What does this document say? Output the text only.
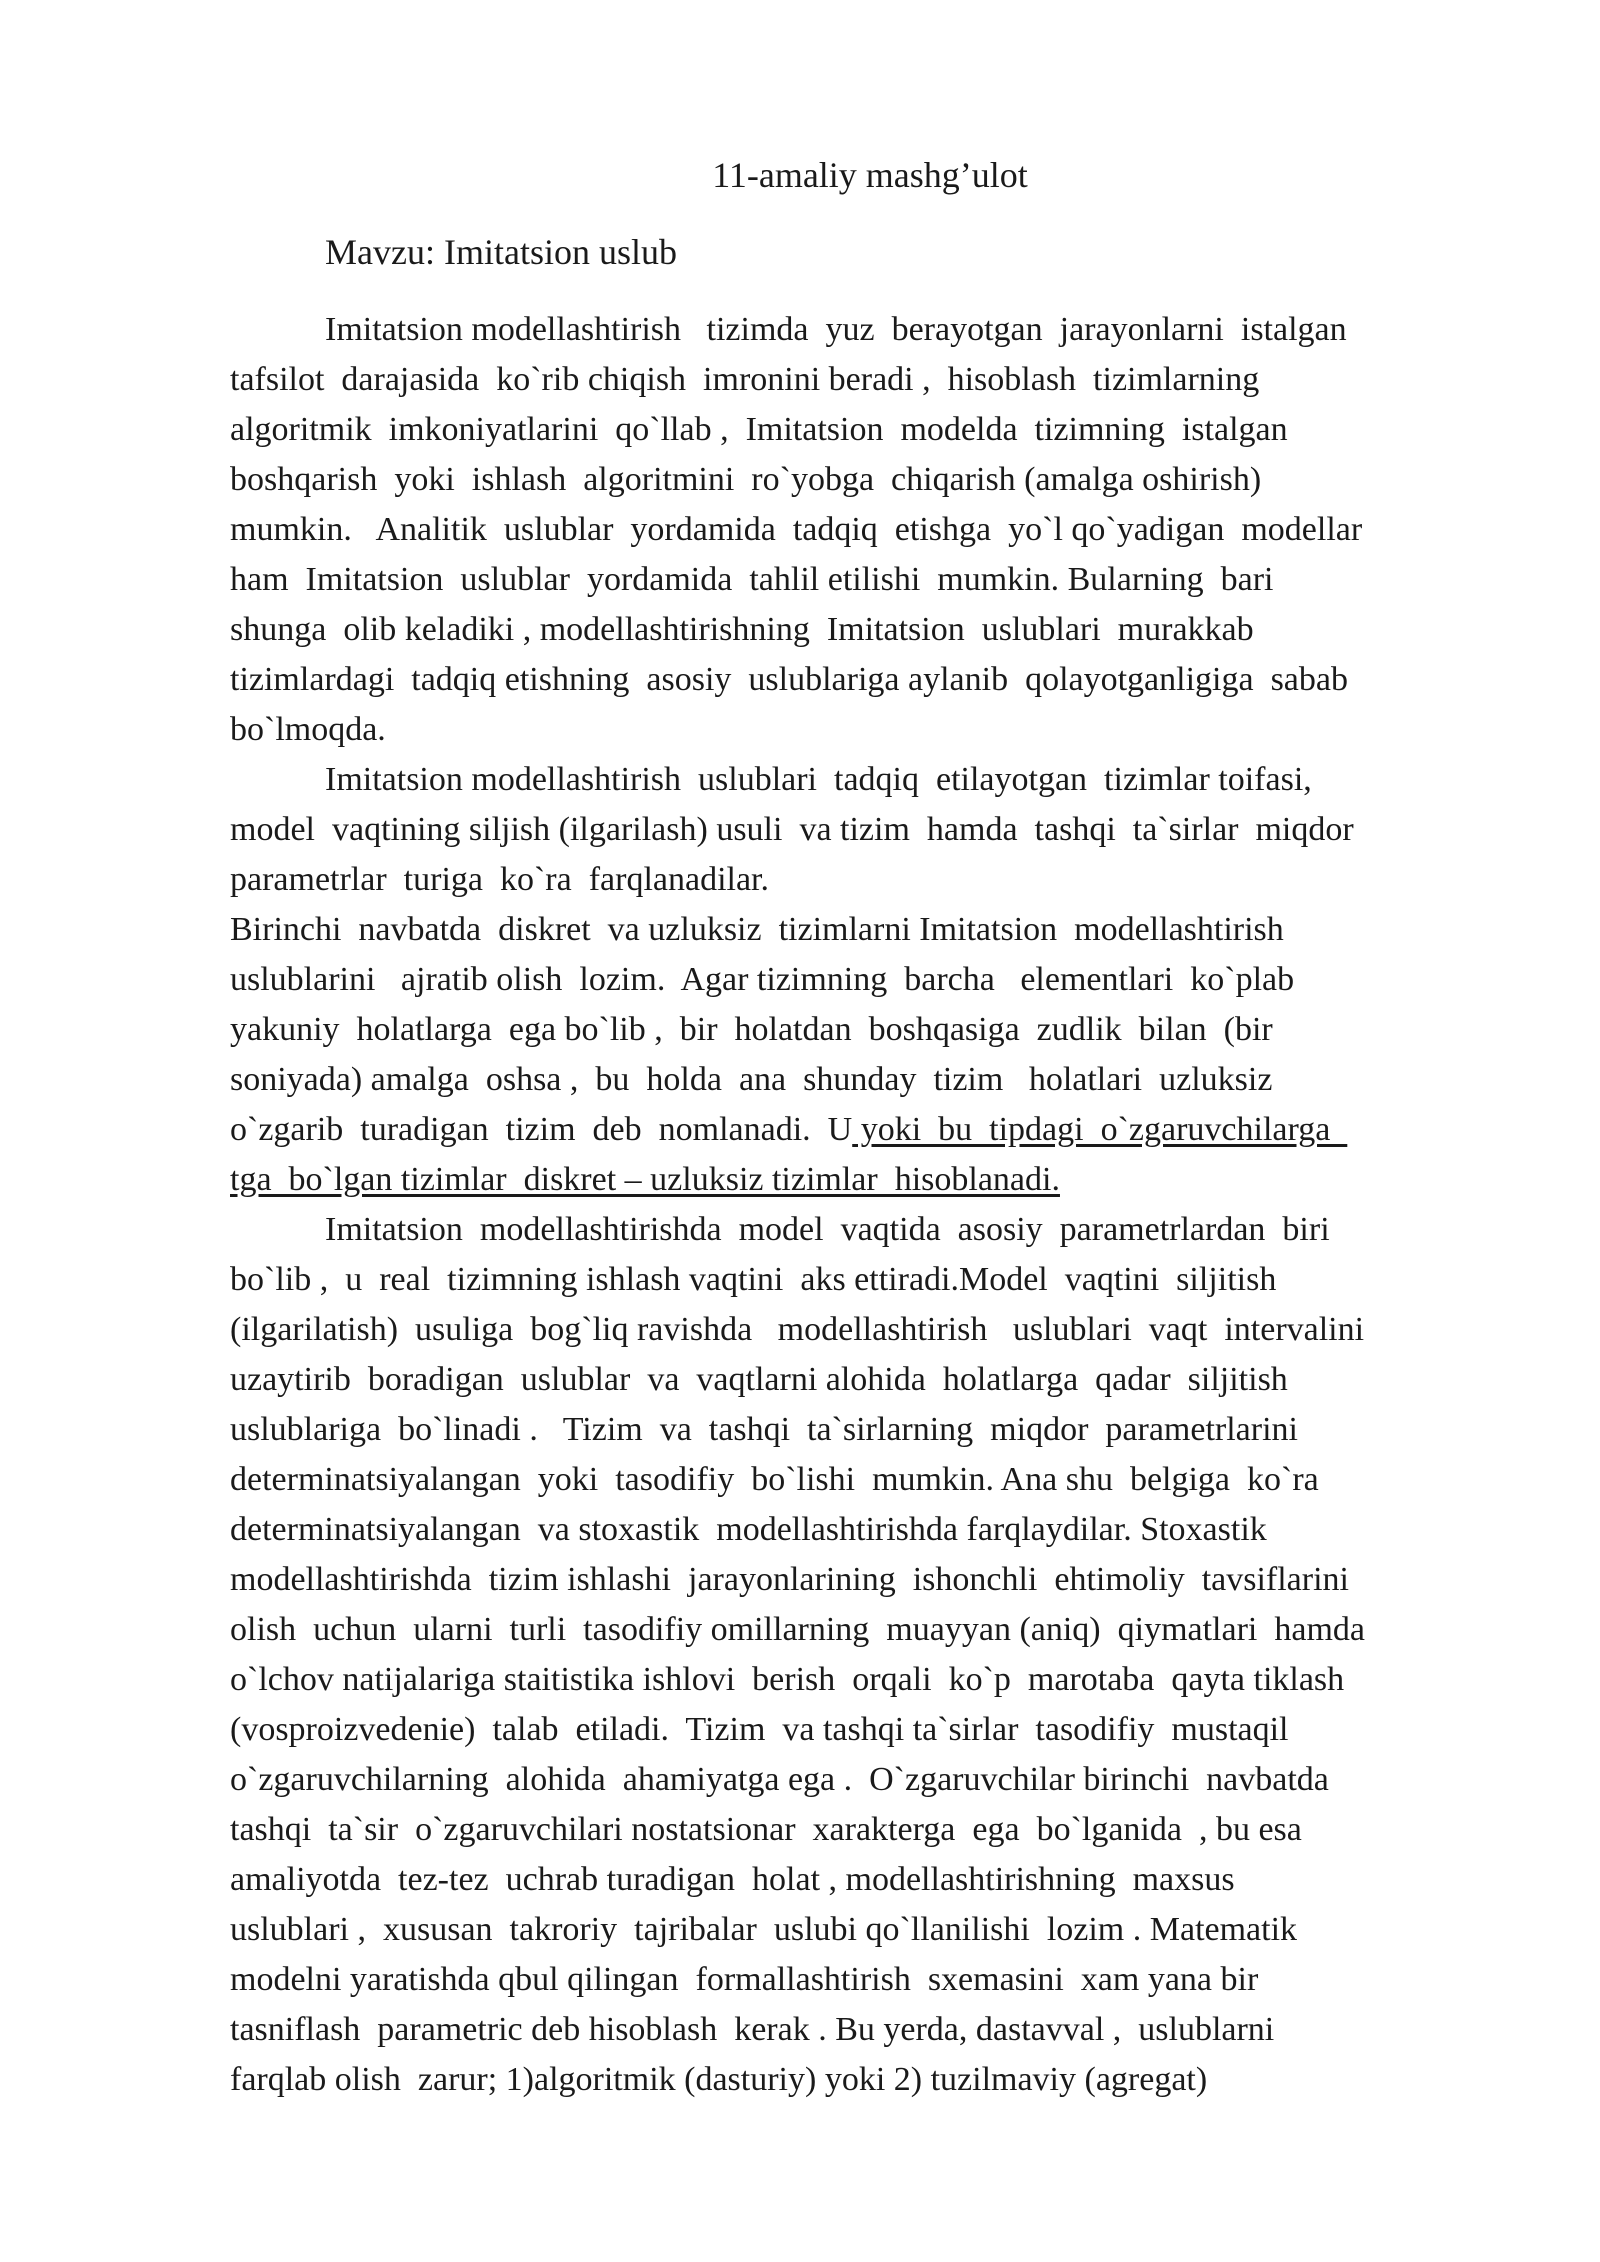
11-amaliy mashg’ulot
Mavzu: Imitatsion uslub
Imitatsion modellashtirish   tizimda  yuz  berayotgan  jarayonlarni  istalgan
tafsilot  darajasida  ko`rib chiqish  imronini beradi ,  hisoblash  tizimlarning
algoritmik  imkoniyatlarini  qo`llab ,  Imitatsion  modelda  tizimning  istalgan
boshqarish  yoki  ishlash  algoritmini  ro`yobga  chiqarish (amalga oshirish)
mumkin.   Analitik  uslublar  yordamida  tadqiq  etishga  yo`l qo`yadigan  modellar
ham  Imitatsion  uslublar  yordamida  tahlil etilishi  mumkin. Bularning  bari
shunga  olib keladiki , modellashtirishning  Imitatsion  uslublari  murakkab
tizimlardagi  tadqiq etishning  asosiy  uslublariga aylanib  qolayotganligiga  sabab
bo`lmoqda.
Imitatsion modellashtirish  uslublari  tadqiq  etilayotgan  tizimlar toifasi,
model  vaqtining siljish (ilgarilash) usuli  va tizim  hamda  tashqi  ta`sirlar  miqdor
parametrlar  turiga  ko`ra  farqlanadilar.
Birinchi  navbatda  diskret  va uzluksiz  tizimlarni Imitatsion  modellashtirish
uslublarini   ajratib olish  lozim.  Agar tizimning  barcha   elementlari  ko`plab
yakuniy  holatlarga  ega bo`lib ,  bir  holatdan  boshqasiga  zudlik  bilan  (bir
soniyada) amalga  oshsa ,  bu  holda  ana  shunday  tizim   holatlari  uzluksiz
o`zgarib  turadigan  tizim  deb  nomlanadi.  U yoki  bu  tipdagi  o`zgaruvchilarga
tga  bo`lgan tizimlar  diskret – uzluksiz tizimlar  hisoblanadi.
Imitatsion  modellashtirishda  model  vaqtida  asosiy  parametrlardan  biri
bo`lib ,  u  real  tizimning ishlash vaqtini  aks ettiradi.Model  vaqtini  siljitish
(ilgarilatish)  usuliga  bog`liq ravishda   modellashtirish   uslublari  vaqt  intervalini
uzaytirib  boradigan  uslublar  va  vaqtlarni alohida  holatlarga  qadar  siljitish
uslublariga  bo`linadi .   Tizim  va  tashqi  ta`sirlarning  miqdor  parametrlarini
determinatsiyalangan  yoki  tasodifiy  bo`lishi  mumkin. Ana shu  belgiga  ko`ra
determinatsiyalangan  va stoxastik  modellashtirishda farqlaydilar. Stoxastik
modellashtirishda  tizim ishlashi  jarayonlarining  ishonchli  ehtimoliy  tavsiflarini
olish  uchun  ularni  turli  tasodifiy omillarning  muayyan (aniq)  qiymatlari  hamda
o`lchov natijalariga staitistika ishlovi  berish  orqali  ko`p  marotaba  qayta tiklash
(vosproizvedenie)  talab  etiladi.  Tizim  va tashqi ta`sirlar  tasodifiy  mustaqil
o`zgaruvchilarning  alohida  ahamiyatga ega .  O`zgaruvchilar birinchi  navbatda
tashqi  ta`sir  o`zgaruvchilari nostatsionar  xarakterga  ega  bo`lganida  , bu esa
amaliyotda  tez-tez  uchrab turadigan  holat , modellashtirishning  maxsus
uslublari ,  xususan  takroriy  tajribalar  uslubi qo`llanilishi  lozim . Matematik
modelni yaratishda qbul qilingan  formallashtirish  sxemasini  xam yana bir
tasniflash  parametric deb hisoblash  kerak . Bu yerda, dastavval ,  uslublarni
farqlab olish  zarur; 1)algoritmik (dasturiy) yoki 2) tuzilmaviy (agregat)
